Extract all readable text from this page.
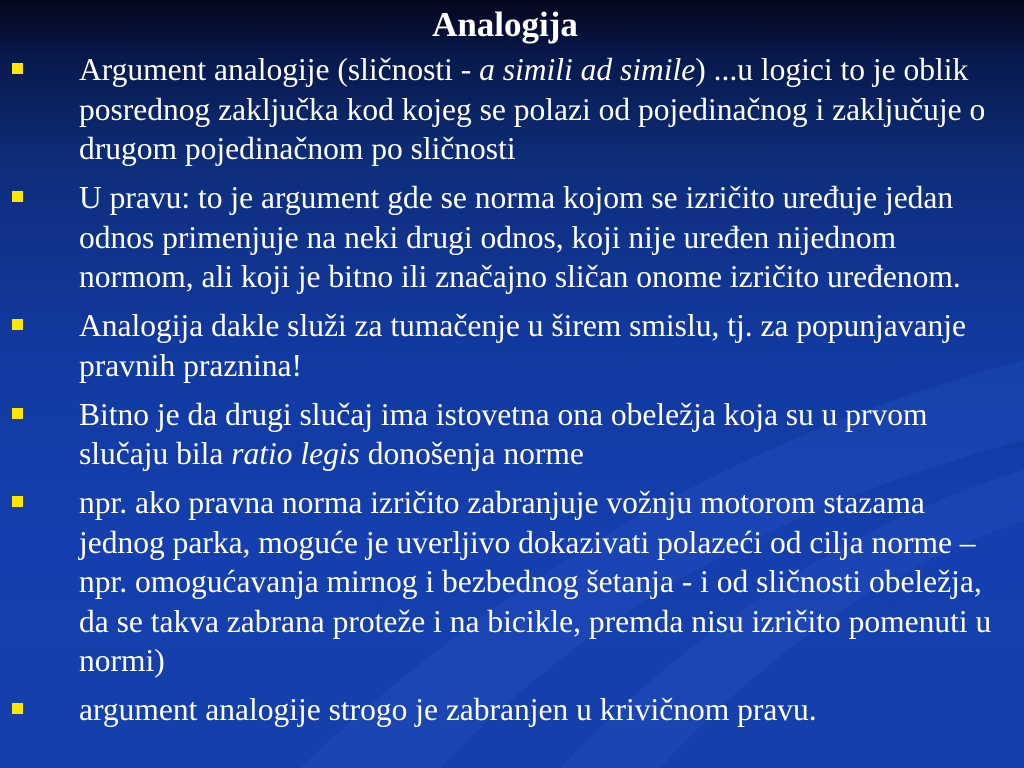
Analogija
Argument analogije (sličnosti - a simili ad simile) ...u logici to je oblik posrednog zaključka kod kojeg se polazi od pojedinačnog i zaključuje o drugom pojedinačnom po sličnosti
U pravu: to je argument gde se norma kojom se izričito uređuje jedan odnos primenjuje na neki drugi odnos, koji nije uređen nijednom normom, ali koji je bitno ili značajno sličan onome izričito uređenom.
Analogija dakle služi za tumačenje u širem smislu, tj. za popunjavanje pravnih praznina!
Bitno je da drugi slučaj ima istovetna ona obeležja koja su u prvom slučaju bila ratio legis donošenja norme
npr. ako pravna norma izričito zabranjuje vožnju motorom stazama jednog parka, moguće je uverljivo dokazivati polazeći od cilja norme – npr. omogućavanja mirnog i bezbednog šetanja - i od sličnosti obeležja, da se takva zabrana proteže i na bicikle, premda nisu izričito pomenuti u normi)
argument analogije strogo je zabranjen u krivičnom pravu.
